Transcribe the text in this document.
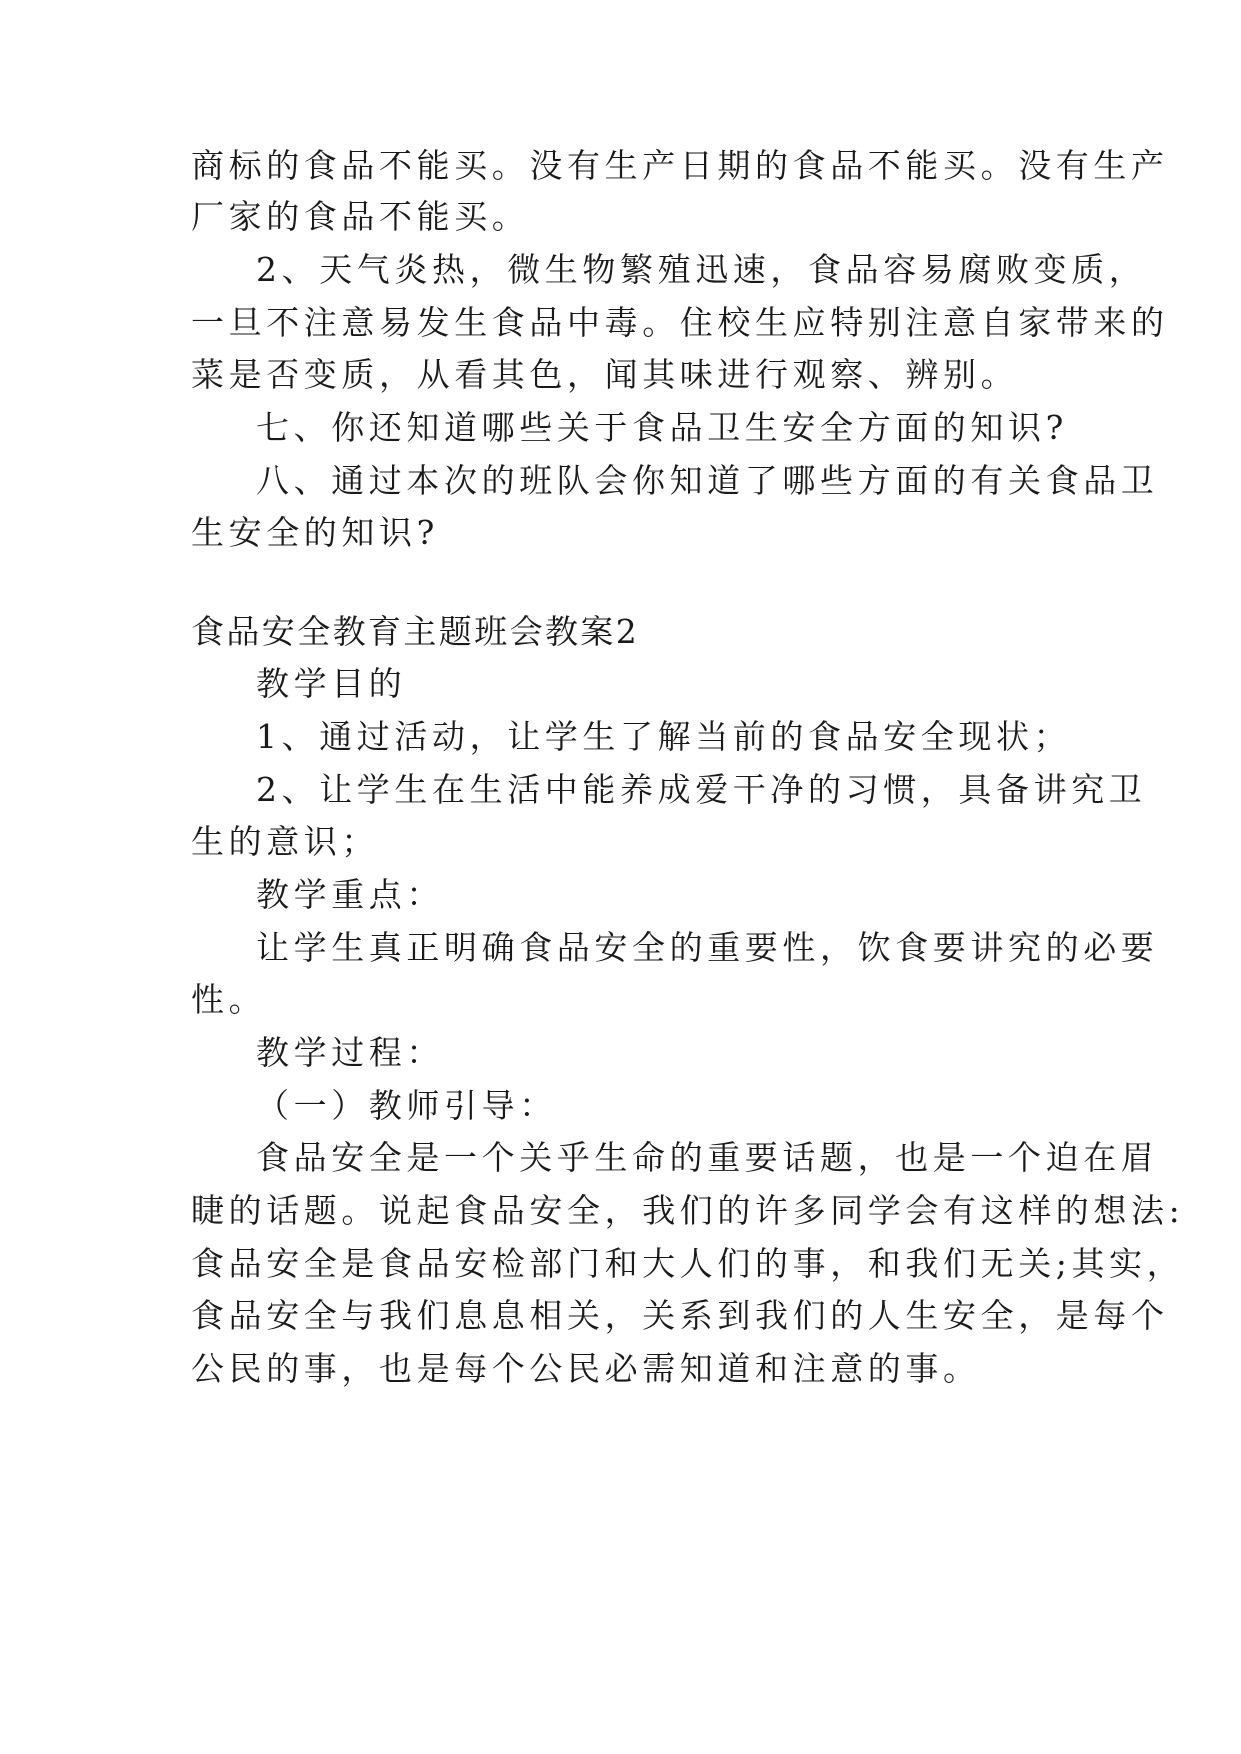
商标的食品不能买。没有生产日期的食品不能买。没有生产
厂家的食品不能买。
2、天气炎热，微生物繁殖迅速，食品容易腐败变质，
一旦不注意易发生食品中毒。住校生应特别注意自家带来的
菜是否变质，从看其色，闻其味进行观察、辨别。
七、你还知道哪些关于食品卫生安全方面的知识?
八、通过本次的班队会你知道了哪些方面的有关食品卫
生安全的知识?
食品安全教育主题班会教案2
教学目的
1、通过活动，让学生了解当前的食品安全现状；
2、让学生在生活中能养成爱干净的习惯，具备讲究卫
生的意识；
教学重点：
让学生真正明确食品安全的重要性，饮食要讲究的必要
性。
教学过程：
（一）教师引导：
食品安全是一个关乎生命的重要话题，也是一个迫在眉
睫的话题。说起食品安全，我们的许多同学会有这样的想法:
食品安全是食品安检部门和大人们的事，和我们无关;其实，
食品安全与我们息息相关，关系到我们的人生安全，是每个
公民的事，也是每个公民必需知道和注意的事。
